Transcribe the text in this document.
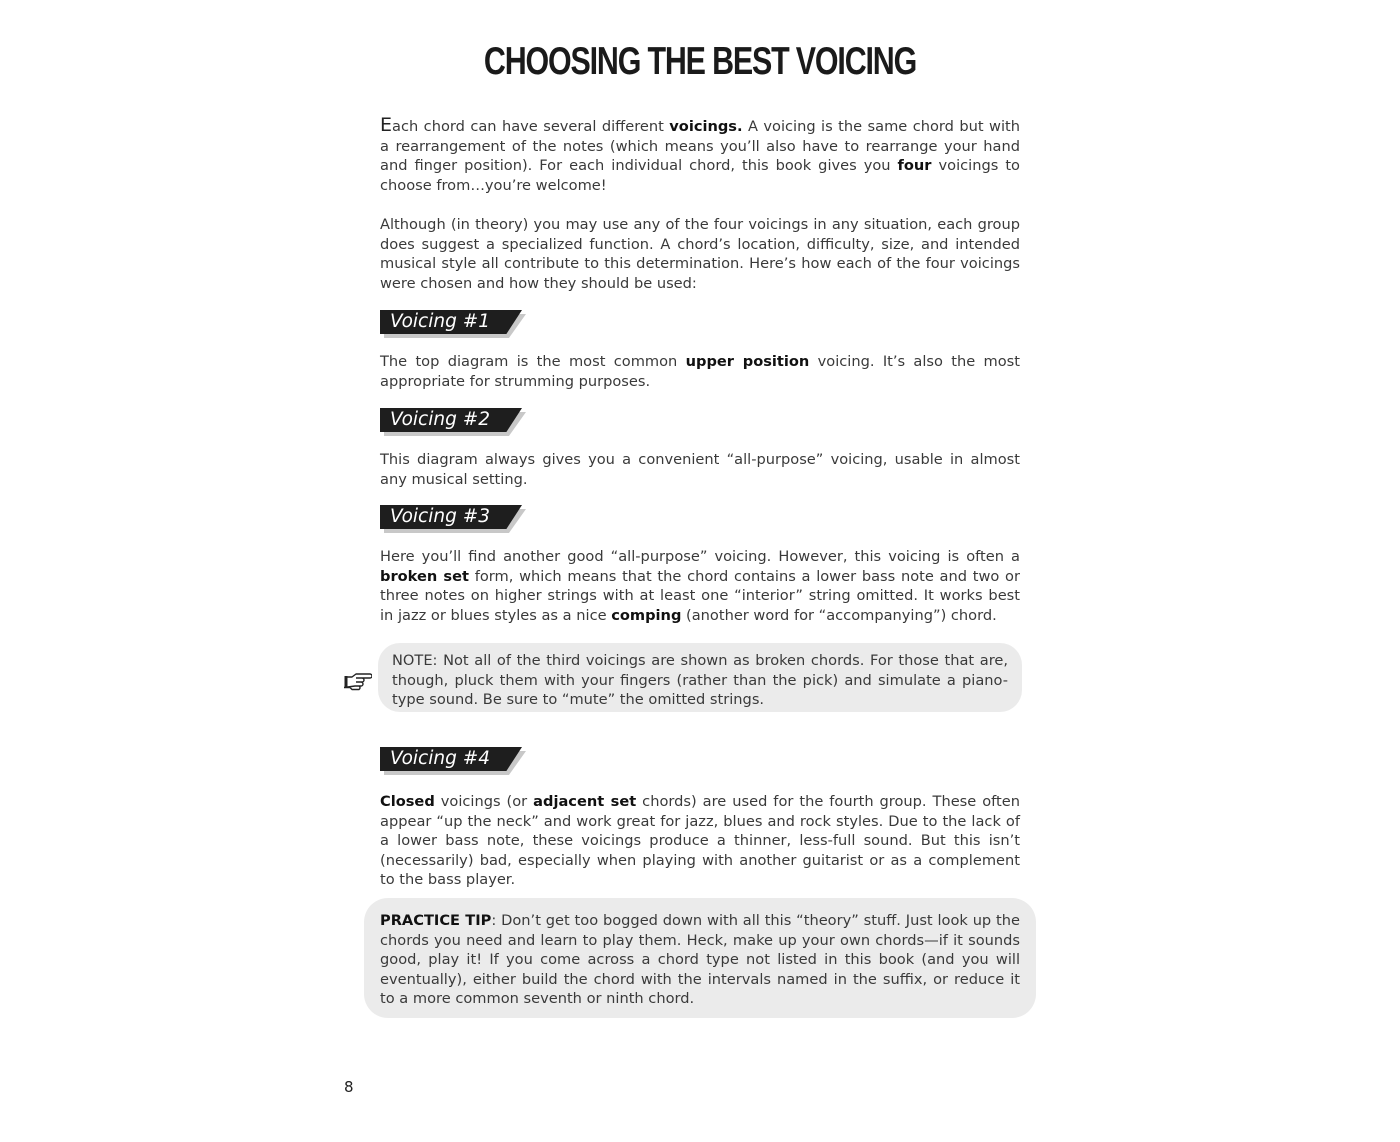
CHOOSING THE BEST VOICING

Each chord can have several different voicings. A voicing is the same chord but with a rearrangement of the notes (which means you’ll also have to rearrange your hand and finger position). For each individual chord, this book gives you four voicings to choose from…you’re welcome!

Although (in theory) you may use any of the four voicings in any situation, each group does suggest a specialized function. A chord’s location, difficulty, size, and intended musical style all contribute to this determination. Here’s how each of the four voicings were chosen and how they should be used:

Voicing #1

The top diagram is the most common upper position voicing. It’s also the most appropriate for strumming purposes.

Voicing #2

This diagram always gives you a convenient “all-purpose” voicing, usable in almost any musical setting.

Voicing #3

Here you’ll find another good “all-purpose” voicing. However, this voicing is often a broken set form, which means that the chord contains a lower bass note and two or three notes on higher strings with at least one “interior” string omitted. It works best in jazz or blues styles as a nice comping (another word for “accompanying”) chord.

NOTE: Not all of the third voicings are shown as broken chords. For those that are, though, pluck them with your fingers (rather than the pick) and simulate a piano-type sound. Be sure to “mute” the omitted strings.

Voicing #4

Closed voicings (or adjacent set chords) are used for the fourth group. These often appear “up the neck” and work great for jazz, blues and rock styles. Due to the lack of a lower bass note, these voicings produce a thinner, less-full sound. But this isn’t (necessarily) bad, especially when playing with another guitarist or as a complement to the bass player.

PRACTICE TIP: Don’t get too bogged down with all this “theory” stuff. Just look up the chords you need and learn to play them. Heck, make up your own chords—if it sounds good, play it! If you come across a chord type not listed in this book (and you will eventually), either build the chord with the intervals named in the suffix, or reduce it to a more common seventh or ninth chord.

8
